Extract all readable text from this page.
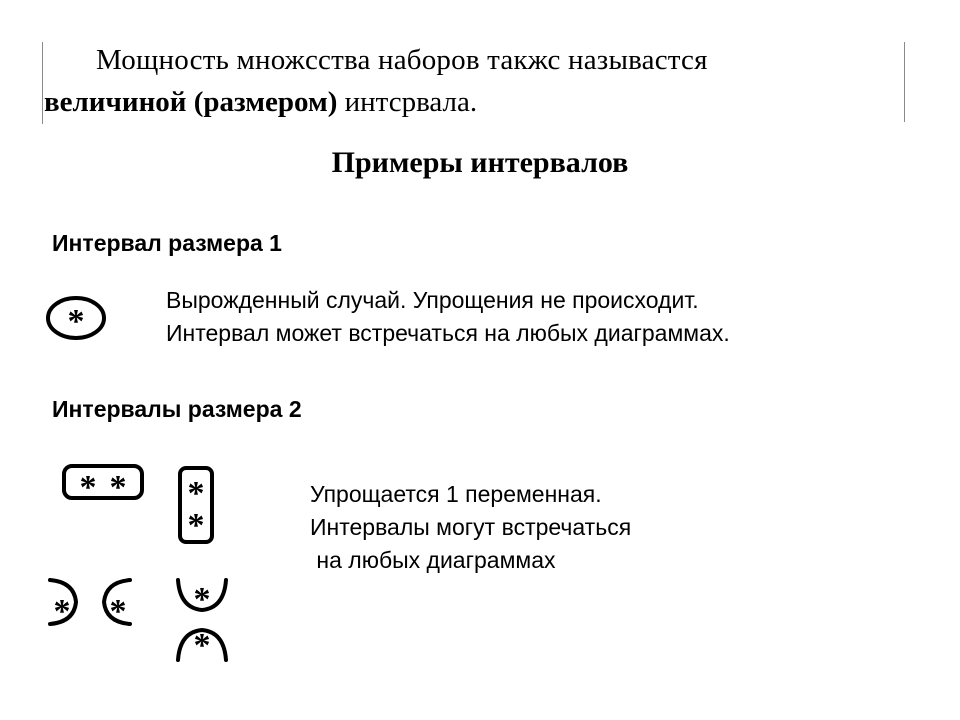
Мощность множcства наборов такжс называстся
величиной (размером) интсрвала.
Примеры интервалов
Интервал размера 1
*
Вырожденный случай. Упрощения не происходит.
Интервал может встречаться на любых диаграммах.
Интервалы размера 2
* * *
*
* * *
*
Упрощается 1 переменная.
Интервалы могут встречаться
на любых диаграммах
